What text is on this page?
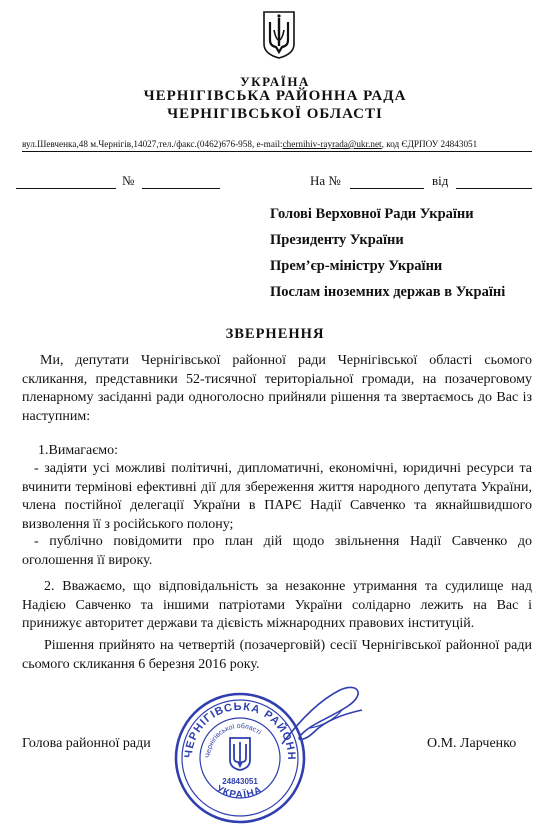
УКРАЇНА
ЧЕРНІГІВСЬКА РАЙОННА РАДА
ЧЕРНІГІВСЬКОЇ ОБЛАСТІ
вул.Шевченка,48 м.Чернігів,14027,тел./факс.(0462)676-958, e-mail:chernihiv-rayrada@ukr.net, код ЄДРПОУ 24843051
№	На №	від
Голові Верховної Ради України
Президенту України
Прем’єр-міністру України
Послам іноземних держав в Україні
ЗВЕРНЕННЯ
Ми, депутати Чернігівської районної ради Чернігівської області сьомого скликання, представники 52-тисячної територіальної громади, на позачерговому пленарному засіданні ради одноголосно прийняли рішення та звертаємось до Вас із наступним:
1.Вимагаємо:
- задіяти усі можливі політичні, дипломатичні, економічні, юридичні ресурси та вчинити термінові ефективні дії для збереження життя народного депутата України, члена постійної делегації України в ПАРЄ Надії Савченко та якнайшвидшого визволення її з російського полону;
- публічно повідомити про план дій щодо звільнення Надії Савченко до оголошення її вироку.
2. Вважаємо, що відповідальність за незаконне утримання та судилище над Надією Савченко та іншими патріотами України солідарно лежить на Вас і принижує авторитет держави та дієвість міжнародних правових інституцій.
Рішення прийнято на четвертій (позачерговій) сесії Чернігівської районної ради сьомого скликання 6 березня 2016 року.
Голова районної ради	О.М. Ларченко
ЧЕРНІГІВСЬКА РАЙОНН
Чернігівської області
УКРАЇНА
24843051
